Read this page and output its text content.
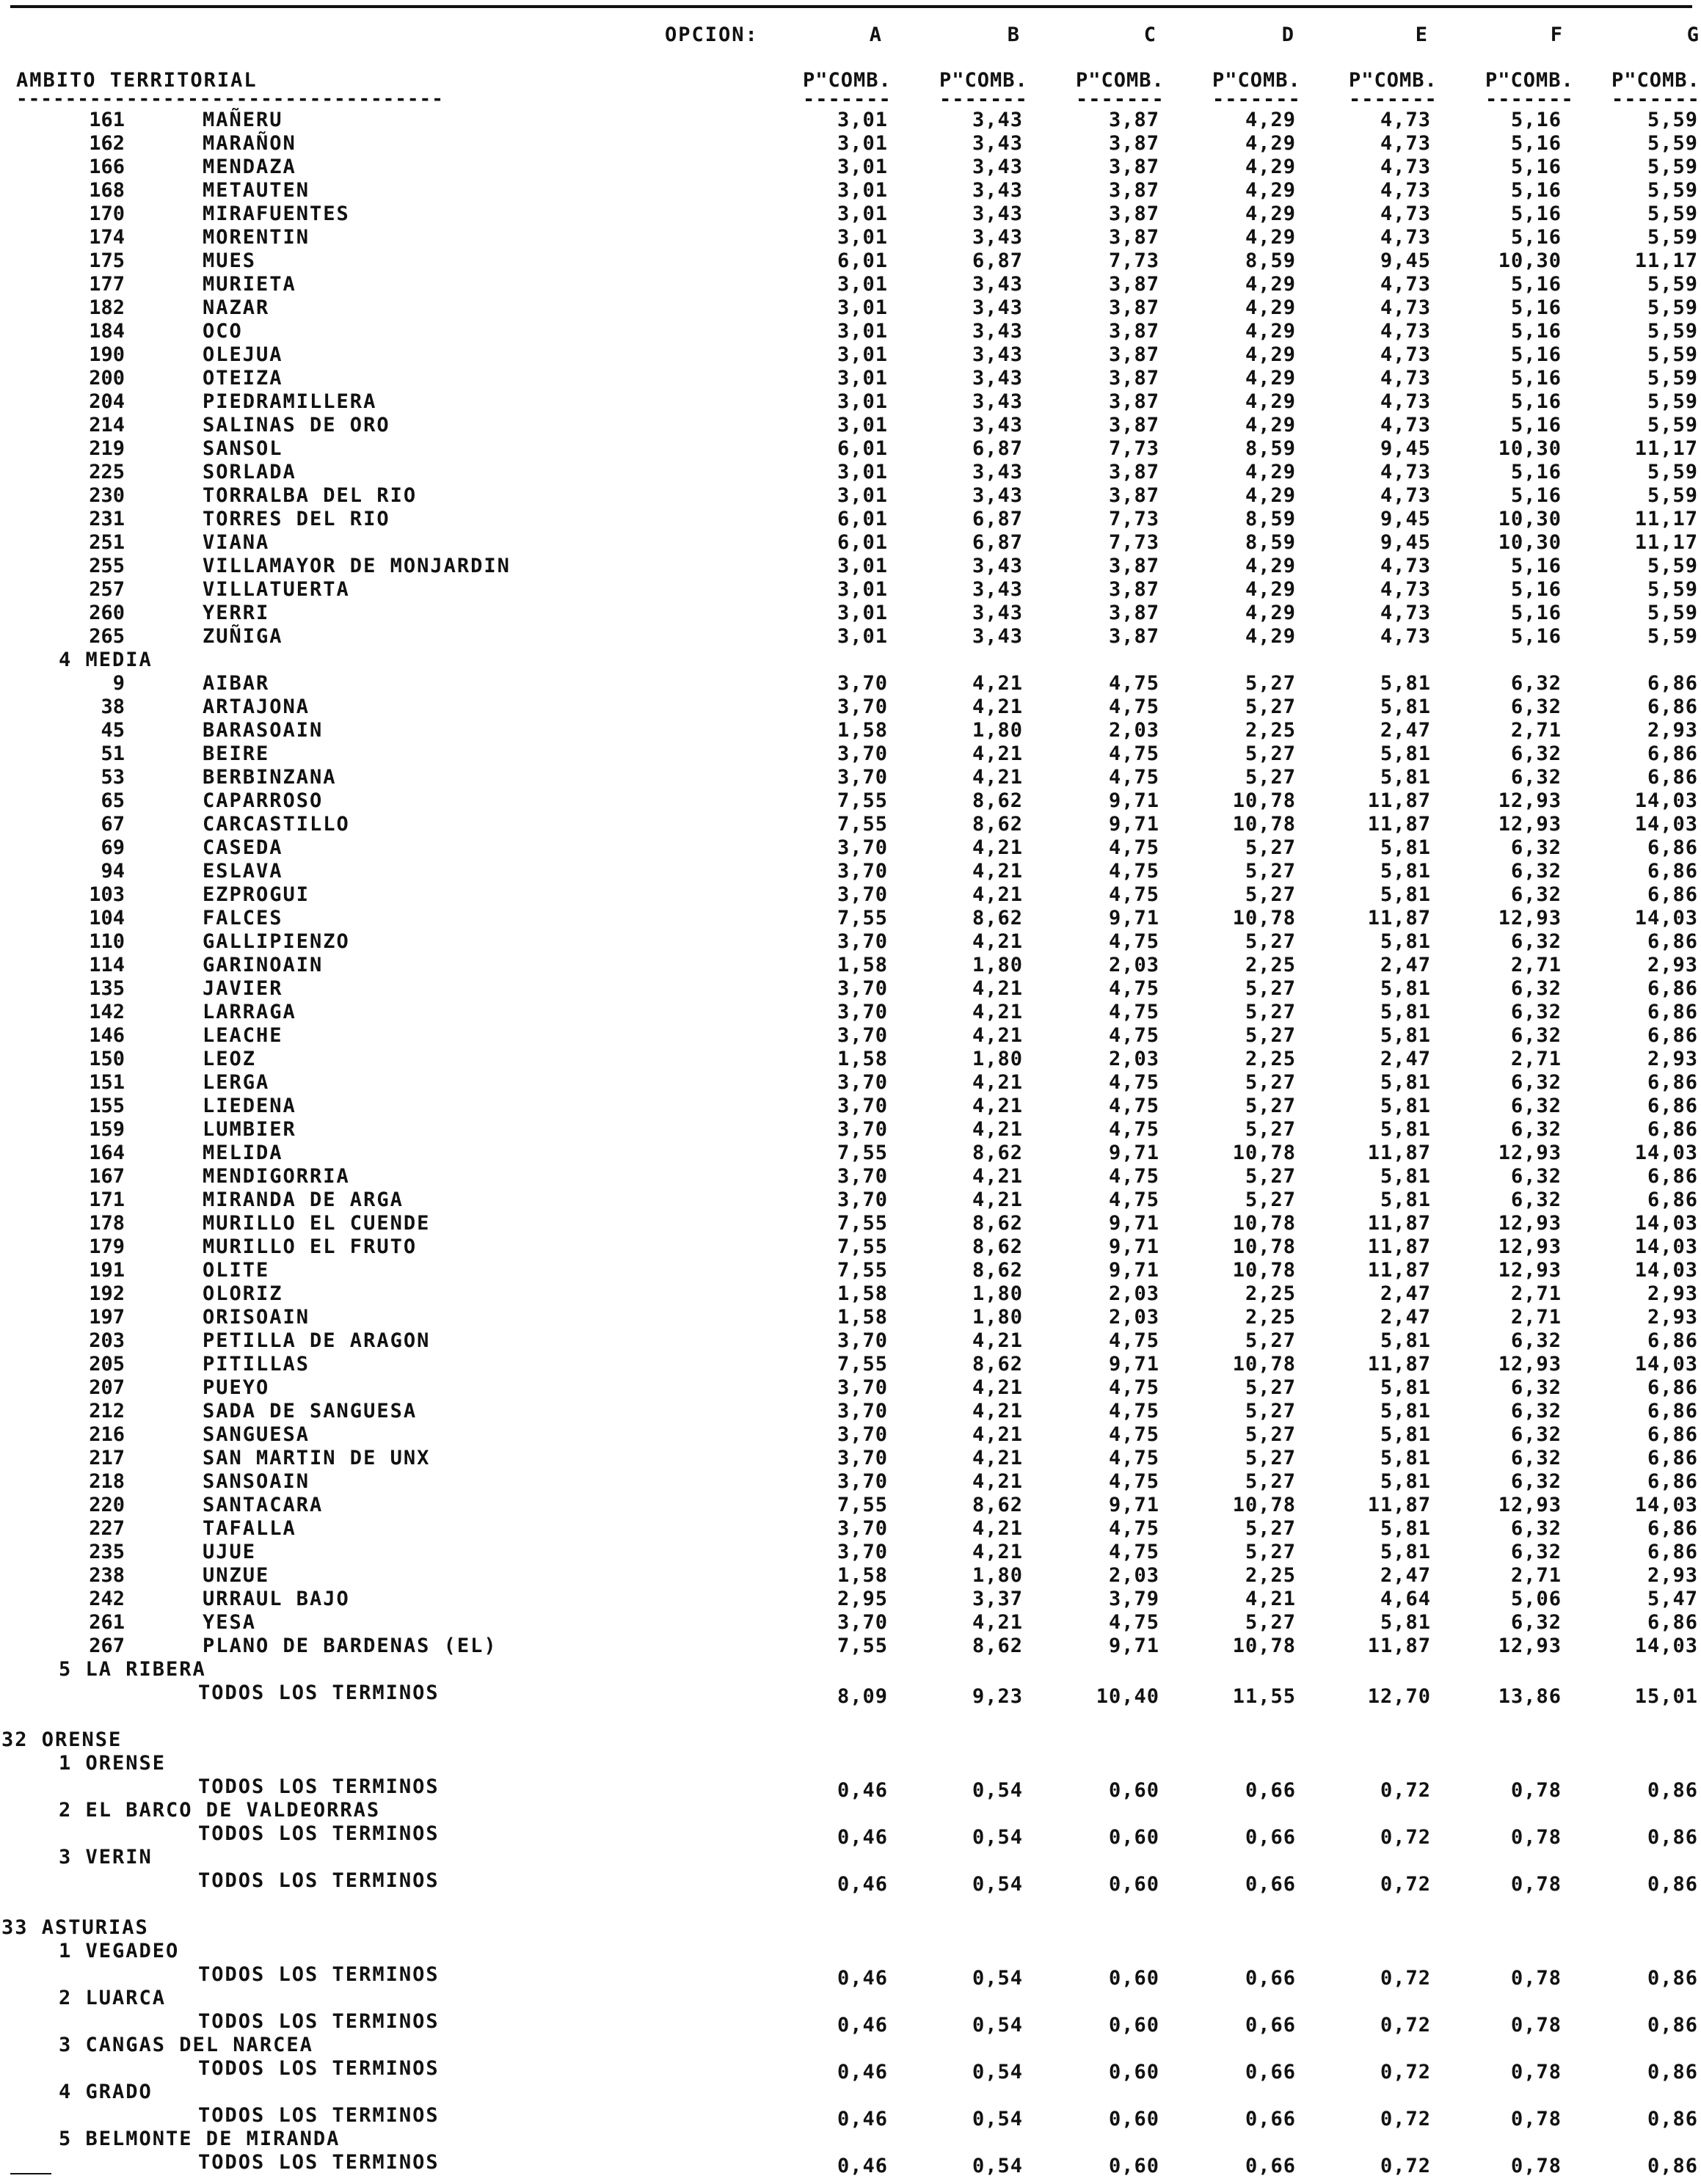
OPCION:	A	B	C	D	E	F	G
AMBITO TERRITORIAL
-----------------------------------
P"COMB. P"COMB. P"COMB. P"COMB. P"COMB. P"COMB. P"COMB.
------- ------- ------- ------- ------- ------- -------
161	MAÑERU	3,01	3,43	3,87	4,29	4,73	5,16	5,59
162	MARAÑON	3,01	3,43	3,87	4,29	4,73	5,16	5,59
166	MENDAZA	3,01	3,43	3,87	4,29	4,73	5,16	5,59
168	METAUTEN	3,01	3,43	3,87	4,29	4,73	5,16	5,59
170	MIRAFUENTES	3,01	3,43	3,87	4,29	4,73	5,16	5,59
174	MORENTIN	3,01	3,43	3,87	4,29	4,73	5,16	5,59
175	MUES	6,01	6,87	7,73	8,59	9,45	10,30	11,17
177	MURIETA	3,01	3,43	3,87	4,29	4,73	5,16	5,59
182	NAZAR	3,01	3,43	3,87	4,29	4,73	5,16	5,59
184	OCO	3,01	3,43	3,87	4,29	4,73	5,16	5,59
190	OLEJUA	3,01	3,43	3,87	4,29	4,73	5,16	5,59
200	OTEIZA	3,01	3,43	3,87	4,29	4,73	5,16	5,59
204	PIEDRAMILLERA	3,01	3,43	3,87	4,29	4,73	5,16	5,59
214	SALINAS DE ORO	3,01	3,43	3,87	4,29	4,73	5,16	5,59
219	SANSOL	6,01	6,87	7,73	8,59	9,45	10,30	11,17
225	SORLADA	3,01	3,43	3,87	4,29	4,73	5,16	5,59
230	TORRALBA DEL RIO	3,01	3,43	3,87	4,29	4,73	5,16	5,59
231	TORRES DEL RIO	6,01	6,87	7,73	8,59	9,45	10,30	11,17
251	VIANA	6,01	6,87	7,73	8,59	9,45	10,30	11,17
255	VILLAMAYOR DE MONJARDIN	3,01	3,43	3,87	4,29	4,73	5,16	5,59
257	VILLATUERTA	3,01	3,43	3,87	4,29	4,73	5,16	5,59
260	YERRI	3,01	3,43	3,87	4,29	4,73	5,16	5,59
265	ZUÑIGA	3,01	3,43	3,87	4,29	4,73	5,16	5,59
4 MEDIA
9	AIBAR	3,70	4,21	4,75	5,27	5,81	6,32	6,86
38	ARTAJONA	3,70	4,21	4,75	5,27	5,81	6,32	6,86
45	BARASOAIN	1,58	1,80	2,03	2,25	2,47	2,71	2,93
51	BEIRE	3,70	4,21	4,75	5,27	5,81	6,32	6,86
53	BERBINZANA	3,70	4,21	4,75	5,27	5,81	6,32	6,86
65	CAPARROSO	7,55	8,62	9,71	10,78	11,87	12,93	14,03
67	CARCASTILLO	7,55	8,62	9,71	10,78	11,87	12,93	14,03
69	CASEDA	3,70	4,21	4,75	5,27	5,81	6,32	6,86
94	ESLAVA	3,70	4,21	4,75	5,27	5,81	6,32	6,86
103	EZPROGUI	3,70	4,21	4,75	5,27	5,81	6,32	6,86
104	FALCES	7,55	8,62	9,71	10,78	11,87	12,93	14,03
110	GALLIPIENZO	3,70	4,21	4,75	5,27	5,81	6,32	6,86
114	GARINOAIN	1,58	1,80	2,03	2,25	2,47	2,71	2,93
135	JAVIER	3,70	4,21	4,75	5,27	5,81	6,32	6,86
142	LARRAGA	3,70	4,21	4,75	5,27	5,81	6,32	6,86
146	LEACHE	3,70	4,21	4,75	5,27	5,81	6,32	6,86
150	LEOZ	1,58	1,80	2,03	2,25	2,47	2,71	2,93
151	LERGA	3,70	4,21	4,75	5,27	5,81	6,32	6,86
155	LIEDENA	3,70	4,21	4,75	5,27	5,81	6,32	6,86
159	LUMBIER	3,70	4,21	4,75	5,27	5,81	6,32	6,86
164	MELIDA	7,55	8,62	9,71	10,78	11,87	12,93	14,03
167	MENDIGORRIA	3,70	4,21	4,75	5,27	5,81	6,32	6,86
171	MIRANDA DE ARGA	3,70	4,21	4,75	5,27	5,81	6,32	6,86
178	MURILLO EL CUENDE	7,55	8,62	9,71	10,78	11,87	12,93	14,03
179	MURILLO EL FRUTO	7,55	8,62	9,71	10,78	11,87	12,93	14,03
191	OLITE	7,55	8,62	9,71	10,78	11,87	12,93	14,03
192	OLORIZ	1,58	1,80	2,03	2,25	2,47	2,71	2,93
197	ORISOAIN	1,58	1,80	2,03	2,25	2,47	2,71	2,93
203	PETILLA DE ARAGON	3,70	4,21	4,75	5,27	5,81	6,32	6,86
205	PITILLAS	7,55	8,62	9,71	10,78	11,87	12,93	14,03
207	PUEYO	3,70	4,21	4,75	5,27	5,81	6,32	6,86
212	SADA DE SANGUESA	3,70	4,21	4,75	5,27	5,81	6,32	6,86
216	SANGUESA	3,70	4,21	4,75	5,27	5,81	6,32	6,86
217	SAN MARTIN DE UNX	3,70	4,21	4,75	5,27	5,81	6,32	6,86
218	SANSOAIN	3,70	4,21	4,75	5,27	5,81	6,32	6,86
220	SANTACARA	7,55	8,62	9,71	10,78	11,87	12,93	14,03
227	TAFALLA	3,70	4,21	4,75	5,27	5,81	6,32	6,86
235	UJUE	3,70	4,21	4,75	5,27	5,81	6,32	6,86
238	UNZUE	1,58	1,80	2,03	2,25	2,47	2,71	2,93
242	URRAUL BAJO	2,95	3,37	3,79	4,21	4,64	5,06	5,47
261	YESA	3,70	4,21	4,75	5,27	5,81	6,32	6,86
267	PLANO DE BARDENAS (EL)	7,55	8,62	9,71	10,78	11,87	12,93	14,03
5 LA RIBERA
TODOS LOS TERMINOS	8,09	9,23	10,40	11,55	12,70	13,86	15,01
32 ORENSE
1 ORENSE
TODOS LOS TERMINOS	0,46	0,54	0,60	0,66	0,72	0,78	0,86
2 EL BARCO DE VALDEORRAS
TODOS LOS TERMINOS	0,46	0,54	0,60	0,66	0,72	0,78	0,86
3 VERIN
TODOS LOS TERMINOS	0,46	0,54	0,60	0,66	0,72	0,78	0,86
33 ASTURIAS
1 VEGADEO
TODOS LOS TERMINOS	0,46	0,54	0,60	0,66	0,72	0,78	0,86
2 LUARCA
TODOS LOS TERMINOS	0,46	0,54	0,60	0,66	0,72	0,78	0,86
3 CANGAS DEL NARCEA
TODOS LOS TERMINOS	0,46	0,54	0,60	0,66	0,72	0,78	0,86
4 GRADO
TODOS LOS TERMINOS	0,46	0,54	0,60	0,66	0,72	0,78	0,86
5 BELMONTE DE MIRANDA
TODOS LOS TERMINOS	0,46	0,54	0,60	0,66	0,72	0,78	0,86
